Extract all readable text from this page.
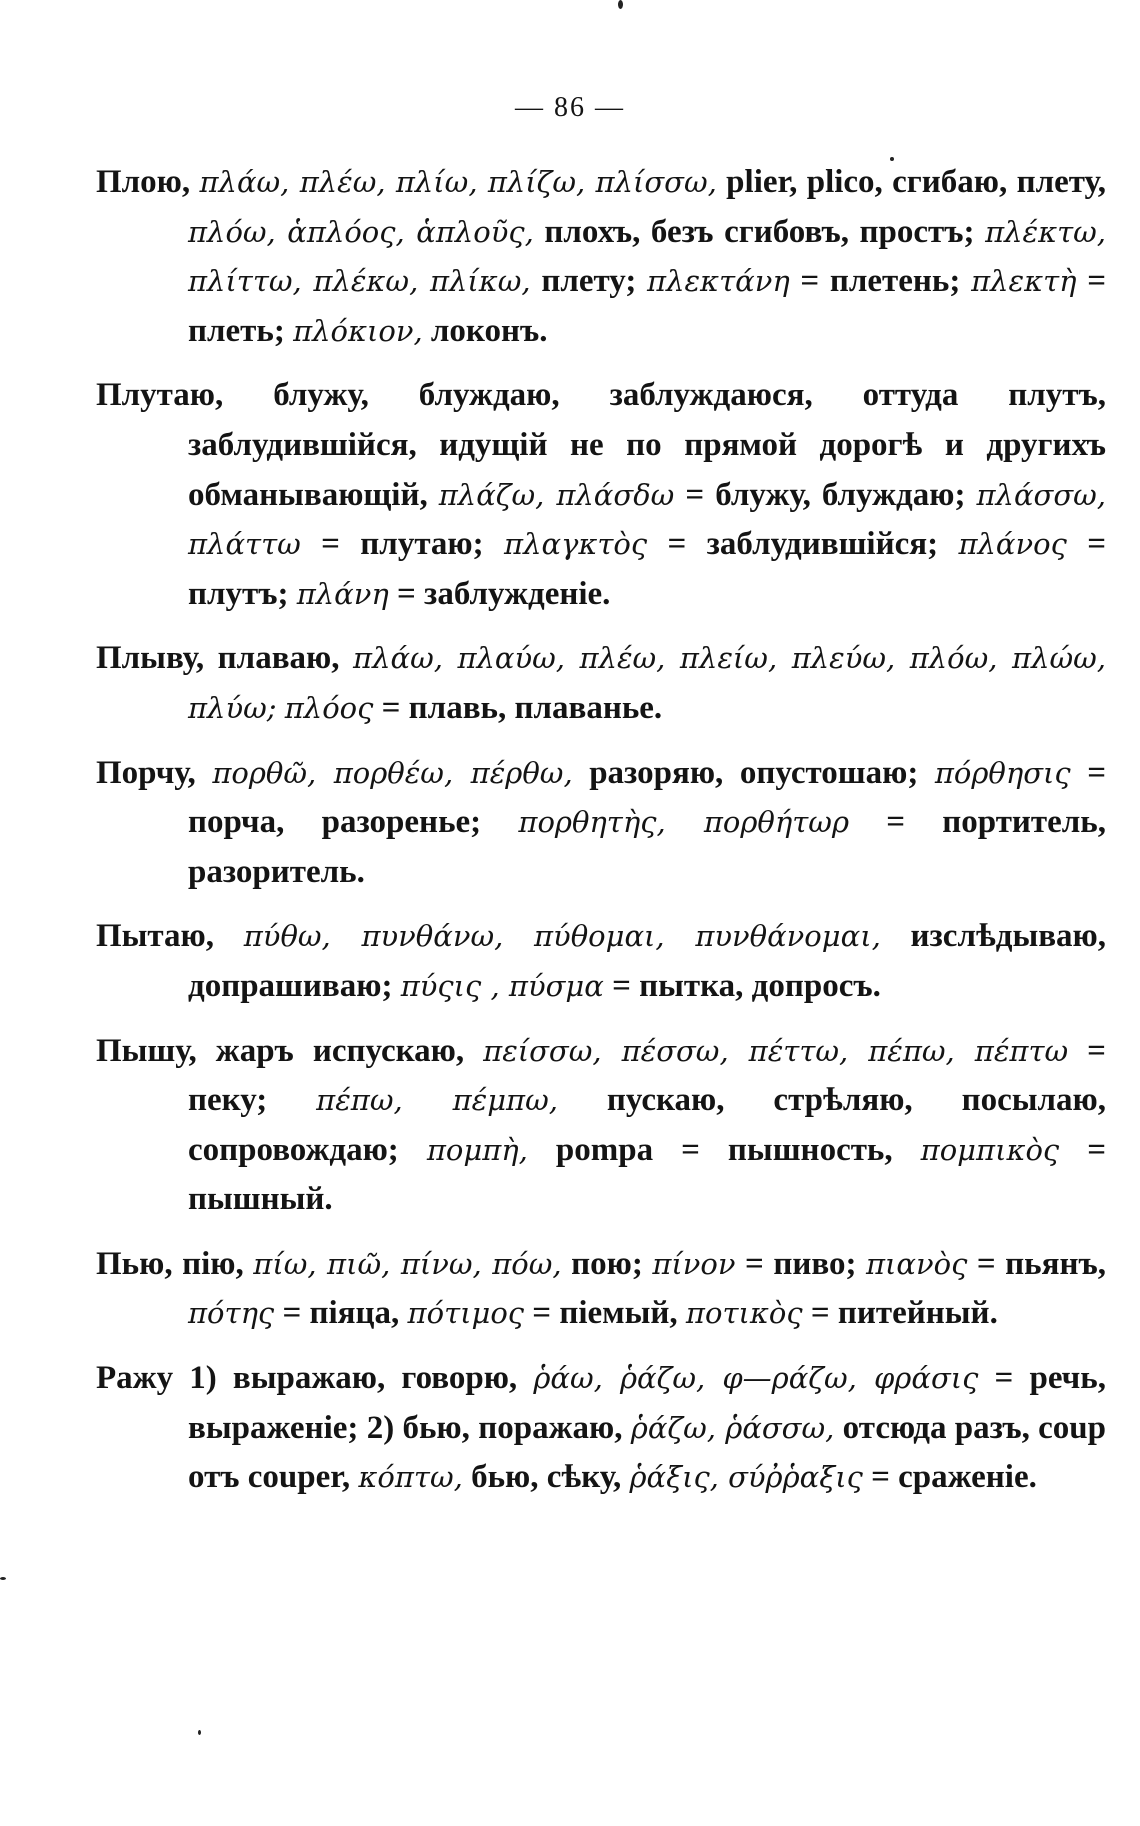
— 86 —

Плою, πλάω, πλέω, πλίω, πλίζω, πλίσσω, plier, plico, сгибаю, плету, πλόω, ἁπλόος, ἁπλοῦς, плохъ, безъ сгибовъ, простъ; πλέκτω, πλίττω, πλέκω, πλίκω, плету; πλεκτάνη = плетень; πλεκτὴ = плеть; πλόκιον, локонъ.

Плутаю, блужу, блуждаю, заблуждаюся, оттуда плутъ, заблудившійся, идущій не по прямой дорогѣ и другихъ обманывающій, πλάζω, πλάσδω = блужу, блуждаю; πλάσσω, πλάττω = плутаю; πλαγκτὸς = заблудившійся; πλάνος = плутъ; πλάνη = заблужденіе.

Плыву, плаваю, πλάω, πλαύω, πλέω, πλείω, πλεύω, πλόω, πλώω, πλύω; πλόος = плавь, плаванье.

Порчу, πορθῶ, πορθέω, πέρθω, разоряю, опустошаю; πόρθησις = порча, разоренье; πορθητὴς, πορθήτωρ = портитель, разоритель.

Пытаю, πύθω, πυνθάνω, πύθομαι, πυνθάνομαι, изслѣдываю, допрашиваю; πύςις , πύσμα = пытка, допросъ.

Пышу, жаръ испускаю, πείσσω, πέσσω, πέττω, πέπω, πέπτω = пеку; πέπω, πέμπω, пускаю, стрѣляю, посылаю, сопровождаю; πομπὴ, pompa = пышность, πομπικὸς = пышный.

Пью, пію, πίω, πιῶ, πίνω, πόω, пою; πίνον = пиво; πιανὸς = пьянъ, πότης = піяца, πότιμος = піемый, ποτικὸς = питейный.

Ражу 1) выражаю, говорю, ῥάω, ῥάζω, φ—ράζω, φράσις = речь, выраженіе; 2) бью, поражаю, ῥάζω, ῥάσσω, отсюда разъ, coup отъ couper, κόπτω, бью, сѣку, ῥάξις, σύῤῥαξις = сраженіе.
